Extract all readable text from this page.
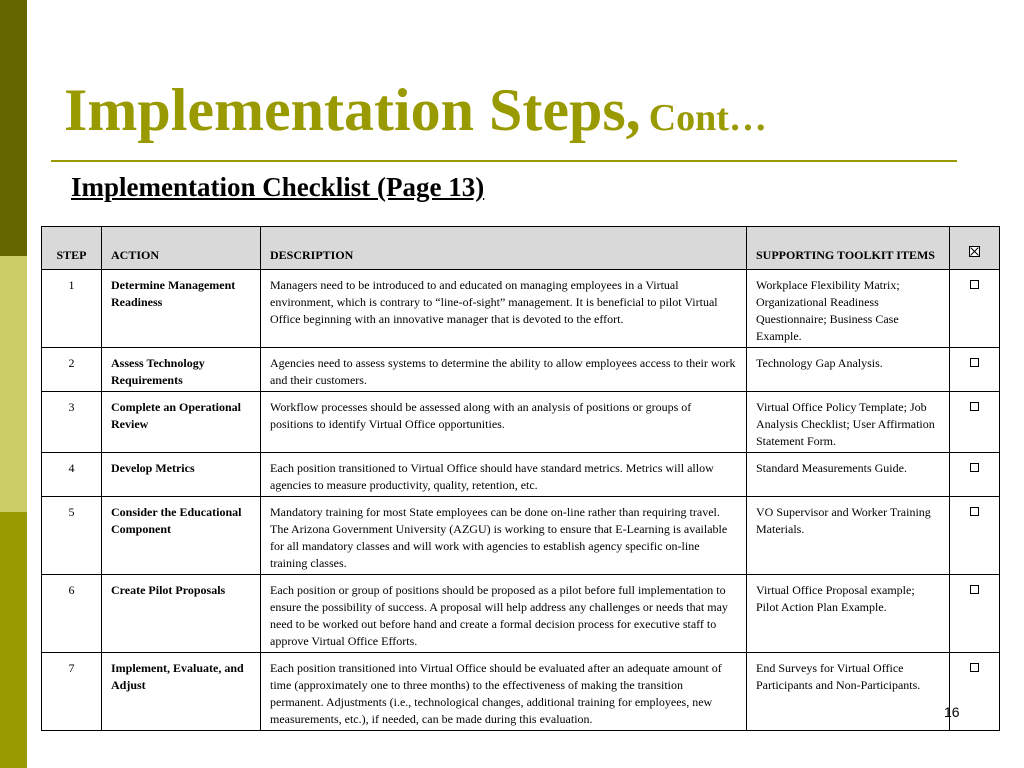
Implementation Steps, Cont…
Implementation Checklist (Page 13)
STEP	ACTION	DESCRIPTION	SUPPORTING TOOLKIT ITEMS	
1	Determine Management Readiness	Managers need to be introduced to and educated on managing employees in a Virtual environment, which is contrary to “line-of-sight” management. It is beneficial to pilot Virtual Office beginning with an innovative manager that is devoted to the effort.	Workplace Flexibility Matrix; Organizational Readiness Questionnaire; Business Case Example.	
2	Assess Technology Requirements	Agencies need to assess systems to determine the ability to allow employees access to their work and their customers.	Technology Gap Analysis.	
3	Complete an Operational Review	Workflow processes should be assessed along with an analysis of positions or groups of positions to identify Virtual Office opportunities.	Virtual Office Policy Template; Job Analysis Checklist; User Affirmation Statement Form.	
4	Develop Metrics	Each position transitioned to Virtual Office should have standard metrics. Metrics will allow agencies to measure productivity, quality, retention, etc.	Standard Measurements Guide.	
5	Consider the Educational Component	Mandatory training for most State employees can be done on-line rather than requiring travel. The Arizona Government University (AZGU) is working to ensure that E-Learning is available for all mandatory classes and will work with agencies to establish agency specific on-line training classes.	VO Supervisor and Worker Training Materials.	
6	Create Pilot Proposals	Each position or group of positions should be proposed as a pilot before full implementation to ensure the possibility of success. A proposal will help address any challenges or needs that may need to be worked out before hand and create a formal decision process for executive staff to approve Virtual Office Efforts.	Virtual Office Proposal example; Pilot Action Plan Example.	
7	Implement, Evaluate, and Adjust	Each position transitioned into Virtual Office should be evaluated after an adequate amount of time (approximately one to three months) to the effectiveness of making the transition permanent. Adjustments (i.e., technological changes, additional training for employees, new measurements, etc.), if needed, can be made during this evaluation.	End Surveys for Virtual Office Participants and Non-Participants.	
16
